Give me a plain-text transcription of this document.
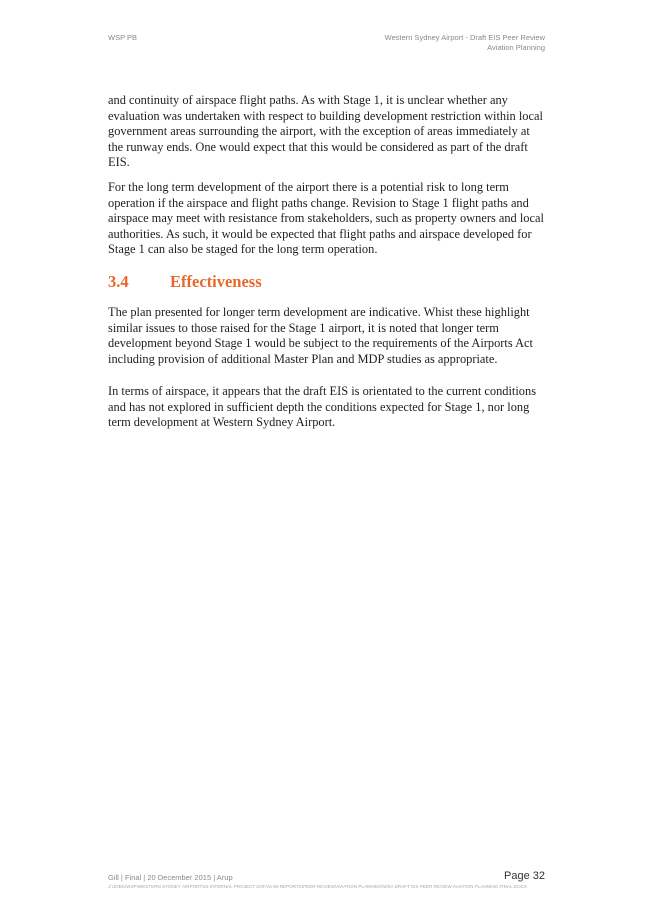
WSP PB	Western Sydney Airport - Draft EIS Peer Review
Aviation Planning

and continuity of airspace flight paths. As with Stage 1, it is unclear whether any evaluation was undertaken with respect to building development restriction within local government areas surrounding the airport, with the exception of areas immediately at the runway ends. One would expect that this would be considered as part of the draft EIS.

For the long term development of the airport there is a potential risk to long term operation if the airspace and flight paths change. Revision to Stage 1 flight paths and airspace may meet with resistance from stakeholders, such as property owners and local authorities. As such, it would be expected that flight paths and airspace developed for Stage 1 can also be staged for the long term operation.

3.4	Effectiveness

The plan presented for longer term development are indicative. Whist these highlight similar issues to those raised for the Stage 1 airport, it is noted that longer term development beyond Stage 1 would be subject to the requirements of the Airports Act including provision of additional Master Plan and MDP studies as appropriate.

In terms of airspace, it appears that the draft EIS is orientated to the current conditions and has not explored in sufficient depth the conditions expected for Stage 1, nor long term development at Western Sydney Airport.

Gill | Final | 20 December 2015 | Arup	Page 32
J:\JOBS\WSP\WESTERN SYDNEY AIRPORT\04 INTERNAL PROJECT DATA\4-50 REPORTS\PEER REVIEW\AVIATION PLANNING\WSA DRAFT EIS PEER REVIEW AVIATION PLANNING FINAL.DOCX
